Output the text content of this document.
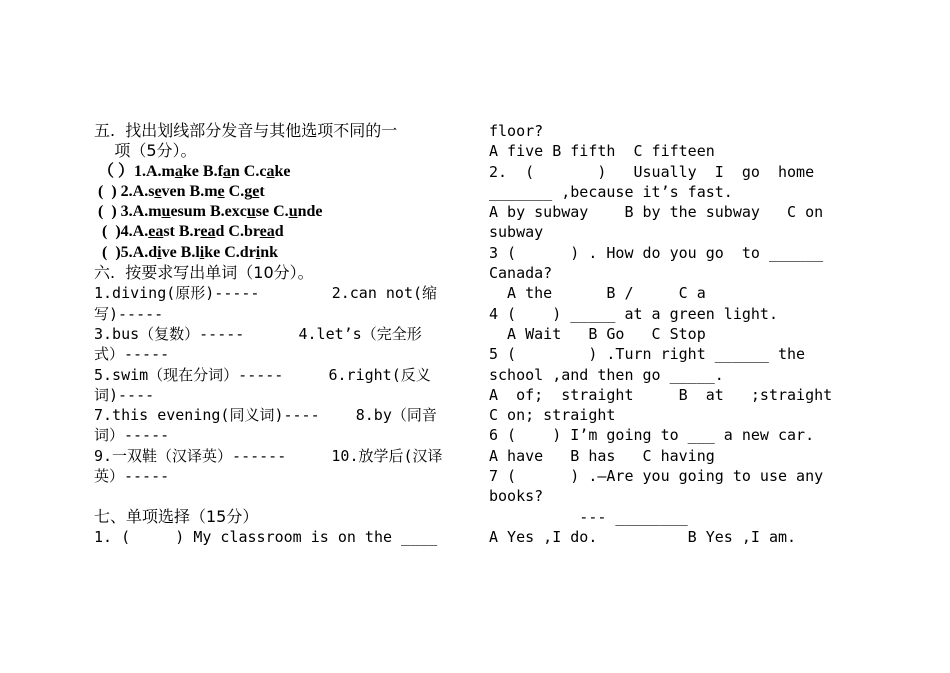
五.  找出划线部分发音与其他选项不同的一
项（5分）。
（ ）1.A.make B.fan C.cake
(  ) 2.A.seven B.me C.get
(  ) 3.A.muesum B.excuse C.unde
(  )4.A.east B.read C.bread
(  )5.A.dive B.like C.drink
六.  按要求写出单词（10分）。
1.diving(原形)-----        2.can not(缩
写)-----
3.bus（复数）-----      4.let’s（完全形
式）-----
5.swim（现在分词）-----     6.right(反义
词)----
7.this evening(同义词)----    8.by（同音
词）-----
9.一双鞋（汉译英）------     10.放学后(汉译
英）-----
七、单项选择（15分）
1. (     ) My classroom is on the ____
floor?
A five B fifth  C fifteen
2.  (       )   Usually  I  go  home
_______ ,because it’s fast.
A by subway    B by the subway   C on
subway
3 (      ) . How do you go  to ______
Canada?
A the      B /     C a
4 (    ) _____ at a green light.
A Wait   B Go   C Stop
5 (        ) .Turn right ______ the
school ,and then go _____.
A  of;  straight     B  at   ;straight
C on; straight
6 (    ) I’m going to ___ a new car.
A have   B has   C having
7 (      ) .—Are you going to use any
books?
--- ________
A Yes ,I do.          B Yes ,I am.
